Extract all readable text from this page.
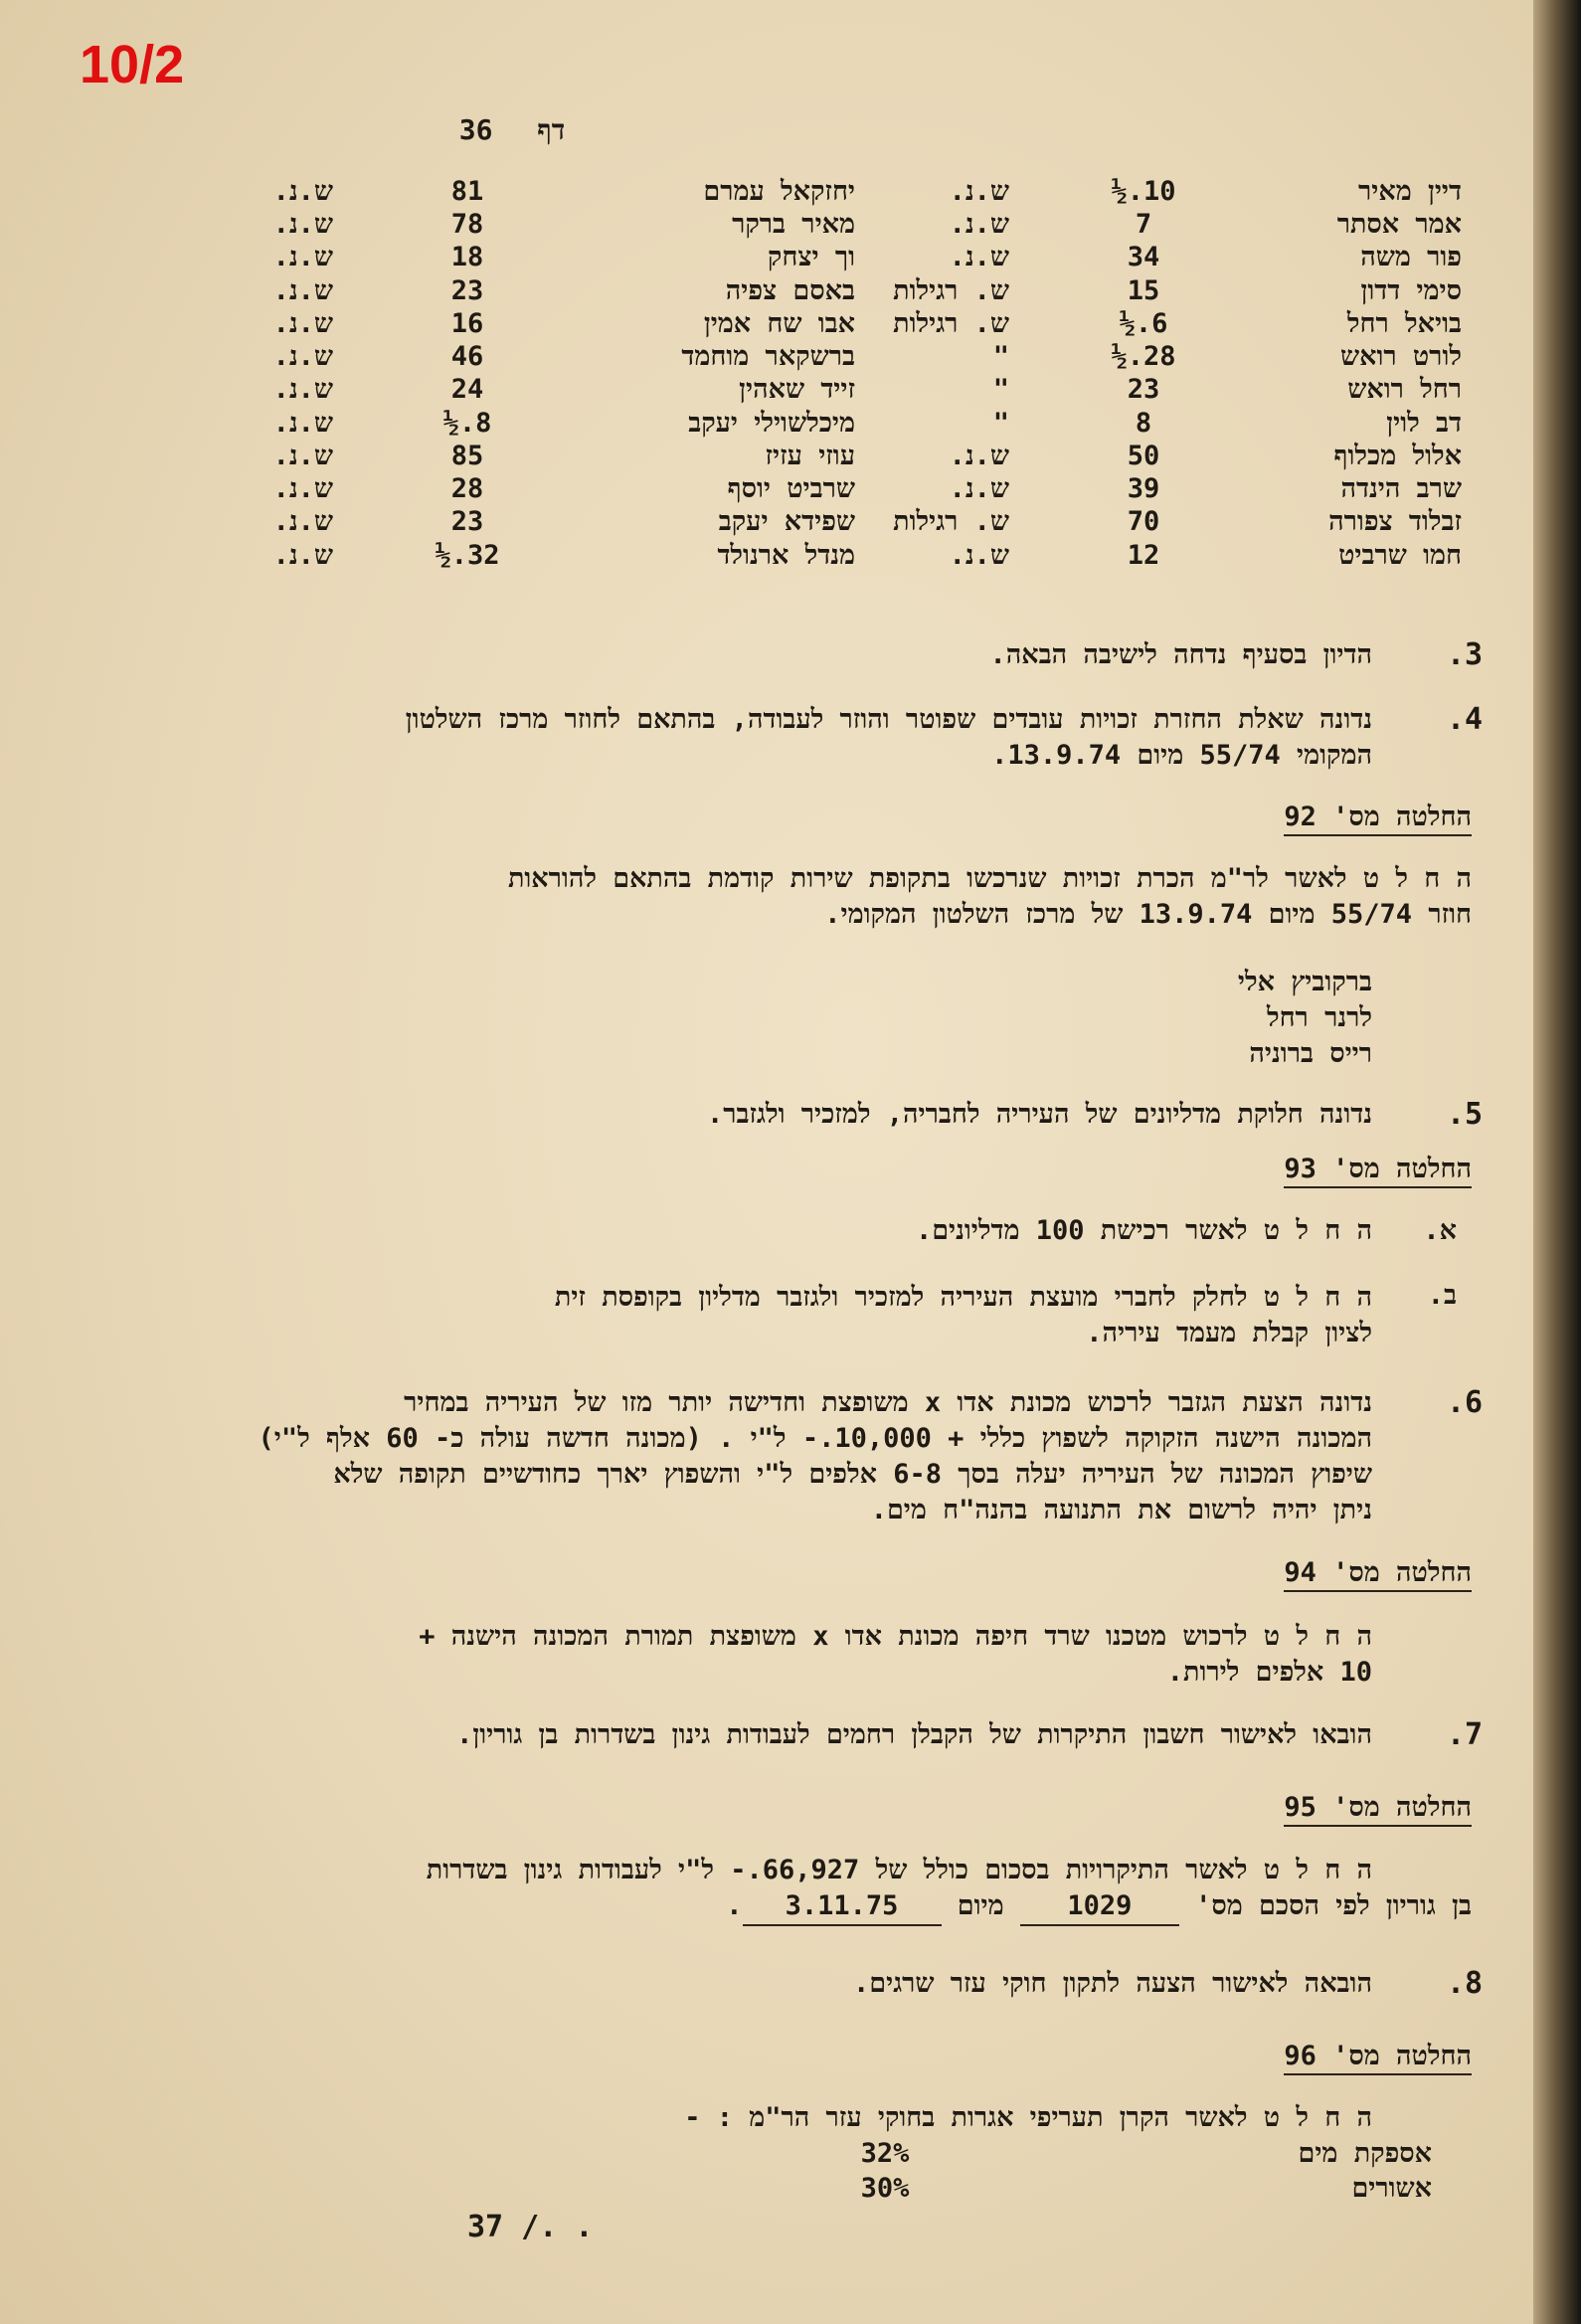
10/2
דף 36
דיין מאיר
10.½
ש.נ.
יחזקאל עמרם
81
ש.נ.
אמר אסתר
7
ש.נ.
מאיר ברקר
78
ש.נ.
פור משה
34
ש.נ.
וך יצחק
18
ש.נ.
סימי דדון
15
ש. רגילות
באסם צפיה
23
ש.נ.
בויאל רחל
6.½
ש. רגילות
אבו שח אמין
16
ש.נ.
לורט רואש
28.½
"
ברשקאר מוחמד
46
ש.נ.
רחל רואש
23
"
זייד שאהין
24
ש.נ.
דב לוין
8
"
מיכלשוילי יעקב
8.½
ש.נ.
אלול מכלוף
50
ש.נ.
עוזי עזיז
85
ש.נ.
שרב הינדה
39
ש.נ.
שרביט יוסף
28
ש.נ.
זבלוד צפורה
70
ש. רגילות
שפידא יעקב
23
ש.נ.
חמו שרביט
12
ש.נ.
מנדל ארנולד
32.½
ש.נ.
.3
הדיון בסעיף נדחה לישיבה הבאה.
.4
נדונה שאלת החזרת זכויות עובדים שפוטר והוזר לעבודה, בהתאם לחוזר מרכז השלטון
המקומי 55/74 מיום 13.9.74.
החלטה מס' 92
ה ח ל ט לאשר לר"מ הכרת זכויות שנרכשו בתקופת שירות קודמת בהתאם להוראות
חוזר 55/74 מיום 13.9.74 של מרכז השלטון המקומי.
ברקוביץ אלי
לרנר רחל
רייס ברוניה
.5
נדונה חלוקת מדליונים של העיריה לחבריה, למזכיר ולגזבר.
החלטה מס' 93
ה ח ל ט לאשר רכישת 100 מדליונים. א.
ה ח ל ט לחלק לחברי מועצת העיריה למזכיר ולגזבר מדליון בקופסת זית
לציון קבלת מעמד עיריה.
ב.
.6
נדונה הצעת הגזבר לרכוש מכונת אדו x משופצת וחדישה יותר מזו של העיריה במחיר
המכונה הישנה הזקוקה לשפוץ כללי + 10,000.- ל"י . (מכונה חדשה עולה כ- 60 אלף ל"י)
שיפוץ המכונה של העיריה יעלה בסך 6-8 אלפים ל"י והשפוץ יארך כחודשיים תקופה שלא
ניתן יהיה לרשום את התנועה בהנה"ח מים.
החלטה מס' 94
ה ח ל ט לרכוש מטכנו שרד חיפה מכונת אדו x משופצת תמורת המכונה הישנה +
10 אלפים לירות.
.7
הובאו לאישור חשבון התיקרות של הקבלן רחמים לעבודות גינון בשדרות בן גוריון.
החלטה מס' 95
ה ח ל ט לאשר התיקרויות בסכום כולל של 66,927.- ל"י לעבודות גינון בשדרות
בן גוריון לפי הסכם מס' 1029 מיום 3.11.75.
.8
הובאה לאישור הצעה לתקון חוקי עזר שרגים.
החלטה מס' 96
ה ח ל ט לאשר הקרן תעריפי אגרות בחוקי עזר הר"מ : -
אספקת מים
32%
אשורים
30%
37 /. .
